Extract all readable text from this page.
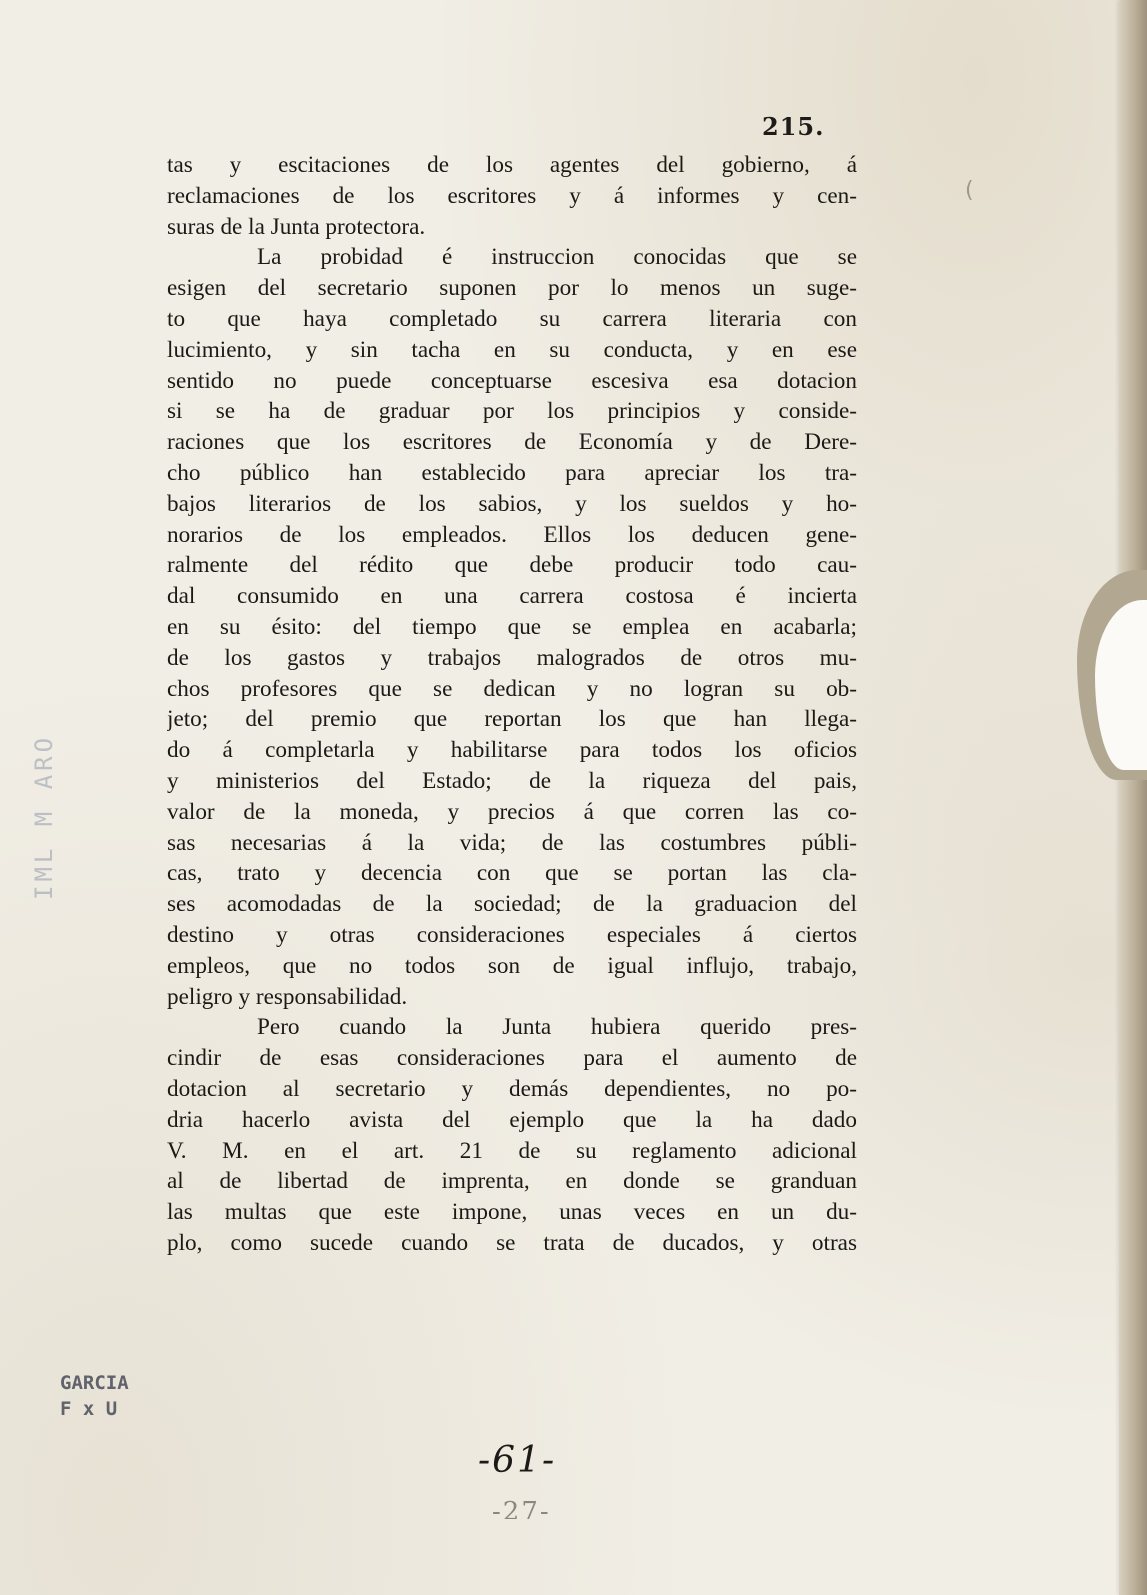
215.
(
tas y escitaciones de los agentes del gobierno, á
reclamaciones de los escritores y á informes y cen-
suras de la Junta protectora.
La probidad é instruccion conocidas que se
esigen del secretario suponen por lo menos un suge-
to que haya completado su carrera literaria con
lucimiento, y sin tacha en su conducta, y en ese
sentido no puede conceptuarse escesiva esa dotacion
si se ha de graduar por los principios y conside-
raciones que los escritores de Economía y de Dere-
cho público han establecido para apreciar los tra-
bajos literarios de los sabios, y los sueldos y ho-
norarios de los empleados. Ellos los deducen gene-
ralmente del rédito que debe producir todo cau-
dal consumido en una carrera costosa é incierta
en su ésito: del tiempo que se emplea en acabarla;
de los gastos y trabajos malogrados de otros mu-
chos profesores que se dedican y no logran su ob-
jeto; del premio que reportan los que han llega-
do á completarla y habilitarse para todos los oficios
y ministerios del Estado; de la riqueza del pais,
valor de la moneda, y precios á que corren las co-
sas necesarias á la vida; de las costumbres públi-
cas, trato y decencia con que se portan las cla-
ses acomodadas de la sociedad; de la graduacion del
destino y otras consideraciones especiales á ciertos
empleos, que no todos son de igual influjo, trabajo,
peligro y responsabilidad.
Pero cuando la Junta hubiera querido pres-
cindir de esas consideraciones para el aumento de
dotacion al secretario y demás dependientes, no po-
dria hacerlo avista del ejemplo que la ha dado
V. M. en el art. 21 de su reglamento adicional
al de libertad de imprenta, en donde se granduan
las multas que este impone, unas veces en un du-
plo, como sucede cuando se trata de ducados, y otras
IML M ARO
GARCIA
F x U
-61-
-27-
